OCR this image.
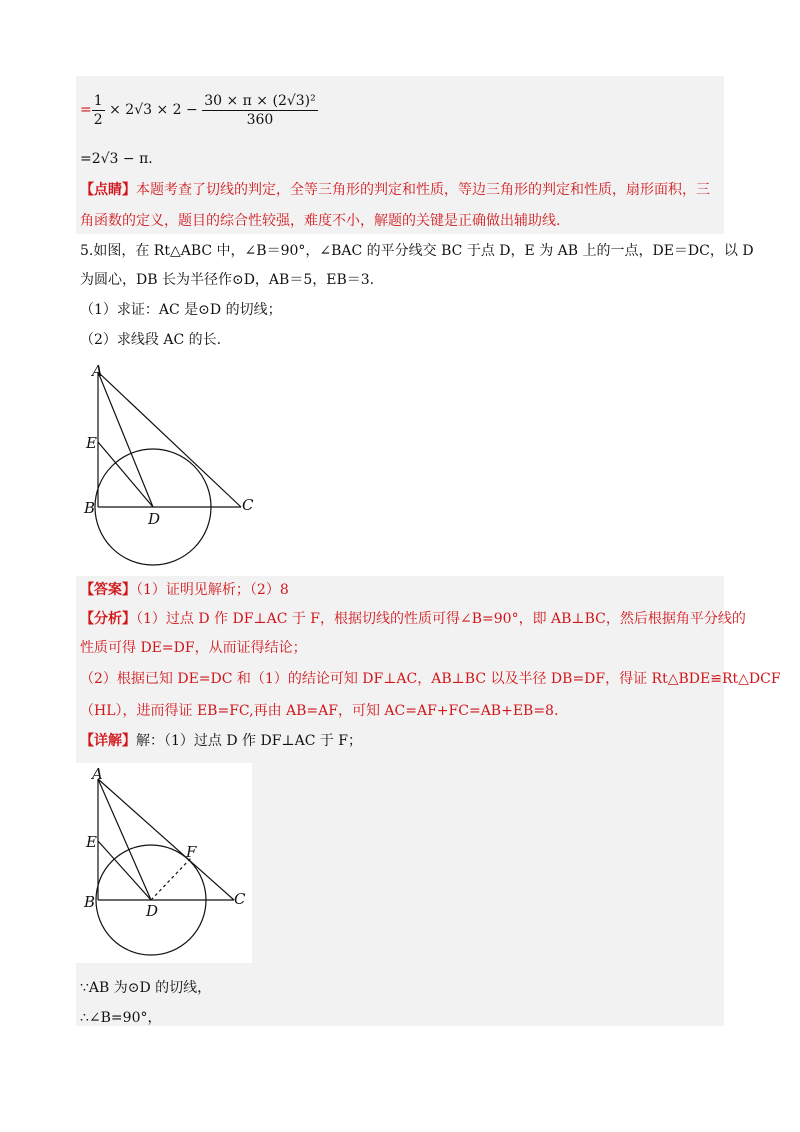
= $\frac{1}{2} \times 2√3 \times 2 - \frac{\text{30 × π × (2√3)²}}{360}$
=2√3 − π.
【点睛】本题考查了切线的判定，全等三角形的判定和性质，等边三角形的判定和性质，扇形面积，三
角函数的定义，题目的综合性较强，难度不小，解题的关键是正确做出辅助线.
5.如图，在 Rt△ABC 中，∠B＝90°，∠BAC 的平分线交 BC 于点 D，E 为 AB 上的一点，DE＝DC，以 D
为圆心，DB 长为半径作⊙D，AB＝5，EB＝3.
（1）求证：AC 是⊙D 的切线；
（2）求线段 AC 的长.
A
E
B
D
C
【答案】（1）证明见解析；（2）8
【分析】（1）过点 D 作 DF⊥AC 于 F，根据切线的性质可得∠B=90°，即 AB⊥BC，然后根据角平分线的
性质可得 DE=DF，从而证得结论；
（2）根据已知 DE=DC 和（1）的结论可知 DF⊥AC，AB⊥BC 以及半径 DB=DF，得证 Rt△BDE≌Rt△DCF
（HL），进而得证 EB=FC,再由 AB=AF，可知 AC=AF+FC=AB+EB=8.
【详解】解：（1）过点 D 作 DF⊥AC 于 F；
A
E
F
B	D
C
∵AB 为⊙D 的切线，
∴∠B=90°，
